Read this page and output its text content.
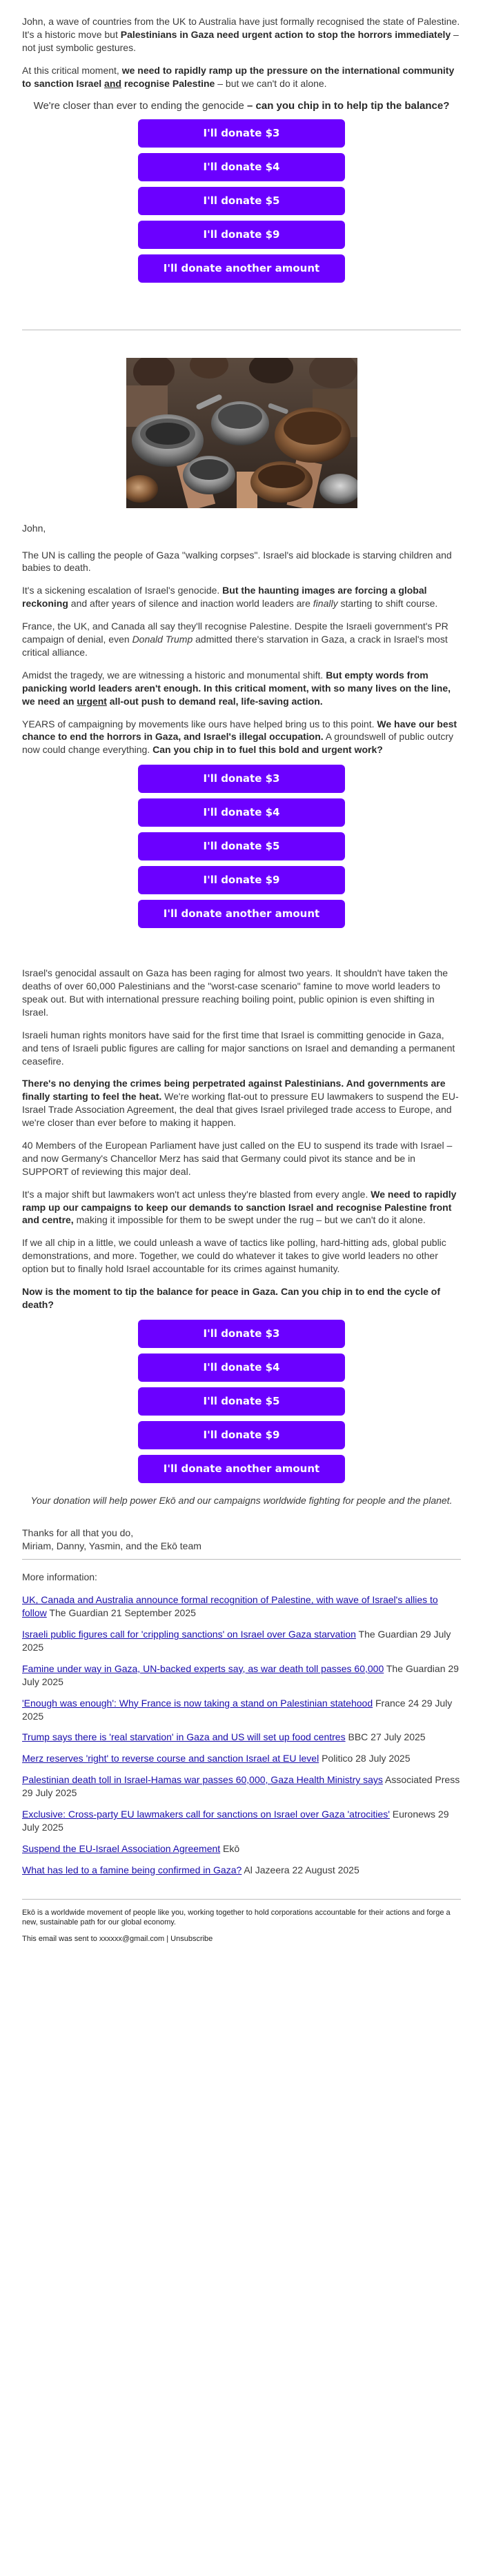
John, a wave of countries from the UK to Australia have just formally recognised the state of Palestine. It's a historic move but Palestinians in Gaza need urgent action to stop the horrors immediately – not just symbolic gestures.

At this critical moment, we need to rapidly ramp up the pressure on the international community to sanction Israel and recognise Palestine – but we can't do it alone.

We're closer than ever to ending the genocide – can you chip in to help tip the balance?

I'll donate $3
I'll donate $4
I'll donate $5
I'll donate $9
I'll donate another amount

John,

The UN is calling the people of Gaza "walking corpses". Israel's aid blockade is starving children and babies to death.

It's a sickening escalation of Israel's genocide. But the haunting images are forcing a global reckoning and after years of silence and inaction world leaders are finally starting to shift course.

France, the UK, and Canada all say they'll recognise Palestine. Despite the Israeli government's PR campaign of denial, even Donald Trump admitted there's starvation in Gaza, a crack in Israel's most critical alliance.

Amidst the tragedy, we are witnessing a historic and monumental shift. But empty words from panicking world leaders aren't enough. In this critical moment, with so many lives on the line, we need an urgent all-out push to demand real, life-saving action.

YEARS of campaigning by movements like ours have helped bring us to this point. We have our best chance to end the horrors in Gaza, and Israel's illegal occupation. A groundswell of public outcry now could change everything. Can you chip in to fuel this bold and urgent work?

I'll donate $3
I'll donate $4
I'll donate $5
I'll donate $9
I'll donate another amount

Israel's genocidal assault on Gaza has been raging for almost two years. It shouldn't have taken the deaths of over 60,000 Palestinians and the "worst-case scenario" famine to move world leaders to speak out. But with international pressure reaching boiling point, public opinion is even shifting in Israel.

Israeli human rights monitors have said for the first time that Israel is committing genocide in Gaza, and tens of Israeli public figures are calling for major sanctions on Israel and demanding a permanent ceasefire.

There's no denying the crimes being perpetrated against Palestinians. And governments are finally starting to feel the heat. We're working flat-out to pressure EU lawmakers to suspend the EU-Israel Trade Association Agreement, the deal that gives Israel privileged trade access to Europe, and we're closer than ever before to making it happen.

40 Members of the European Parliament have just called on the EU to suspend its trade with Israel – and now Germany's Chancellor Merz has said that Germany could pivot its stance and be in SUPPORT of reviewing this major deal.

It's a major shift but lawmakers won't act unless they're blasted from every angle. We need to rapidly ramp up our campaigns to keep our demands to sanction Israel and recognise Palestine front and centre, making it impossible for them to be swept under the rug – but we can't do it alone.

If we all chip in a little, we could unleash a wave of tactics like polling, hard-hitting ads, global public demonstrations, and more. Together, we could do whatever it takes to give world leaders no other option but to finally hold Israel accountable for its crimes against humanity.

Now is the moment to tip the balance for peace in Gaza. Can you chip in to end the cycle of death?

I'll donate $3
I'll donate $4
I'll donate $5
I'll donate $9
I'll donate another amount

Your donation will help power Ekō and our campaigns worldwide fighting for people and the planet.

Thanks for all that you do,
Miriam, Danny, Yasmin, and the Ekō team

More information:

UK, Canada and Australia announce formal recognition of Palestine, with wave of Israel's allies to follow The Guardian 21 September 2025

Israeli public figures call for 'crippling sanctions' on Israel over Gaza starvation The Guardian 29 July 2025

Famine under way in Gaza, UN-backed experts say, as war death toll passes 60,000 The Guardian 29 July 2025

'Enough was enough': Why France is now taking a stand on Palestinian statehood France 24 29 July 2025

Trump says there is 'real starvation' in Gaza and US will set up food centres BBC 27 July 2025

Merz reserves 'right' to reverse course and sanction Israel at EU level Politico 28 July 2025

Palestinian death toll in Israel-Hamas war passes 60,000, Gaza Health Ministry says Associated Press 29 July 2025

Exclusive: Cross-party EU lawmakers call for sanctions on Israel over Gaza 'atrocities' Euronews 29 July 2025

Suspend the EU-Israel Association Agreement Ekō

What has led to a famine being confirmed in Gaza? Al Jazeera 22 August 2025

Ekō is a worldwide movement of people like you, working together to hold corporations accountable for their actions and forge a new, sustainable path for our global economy.

This email was sent to xxxxxx@gmail.com | Unsubscribe
